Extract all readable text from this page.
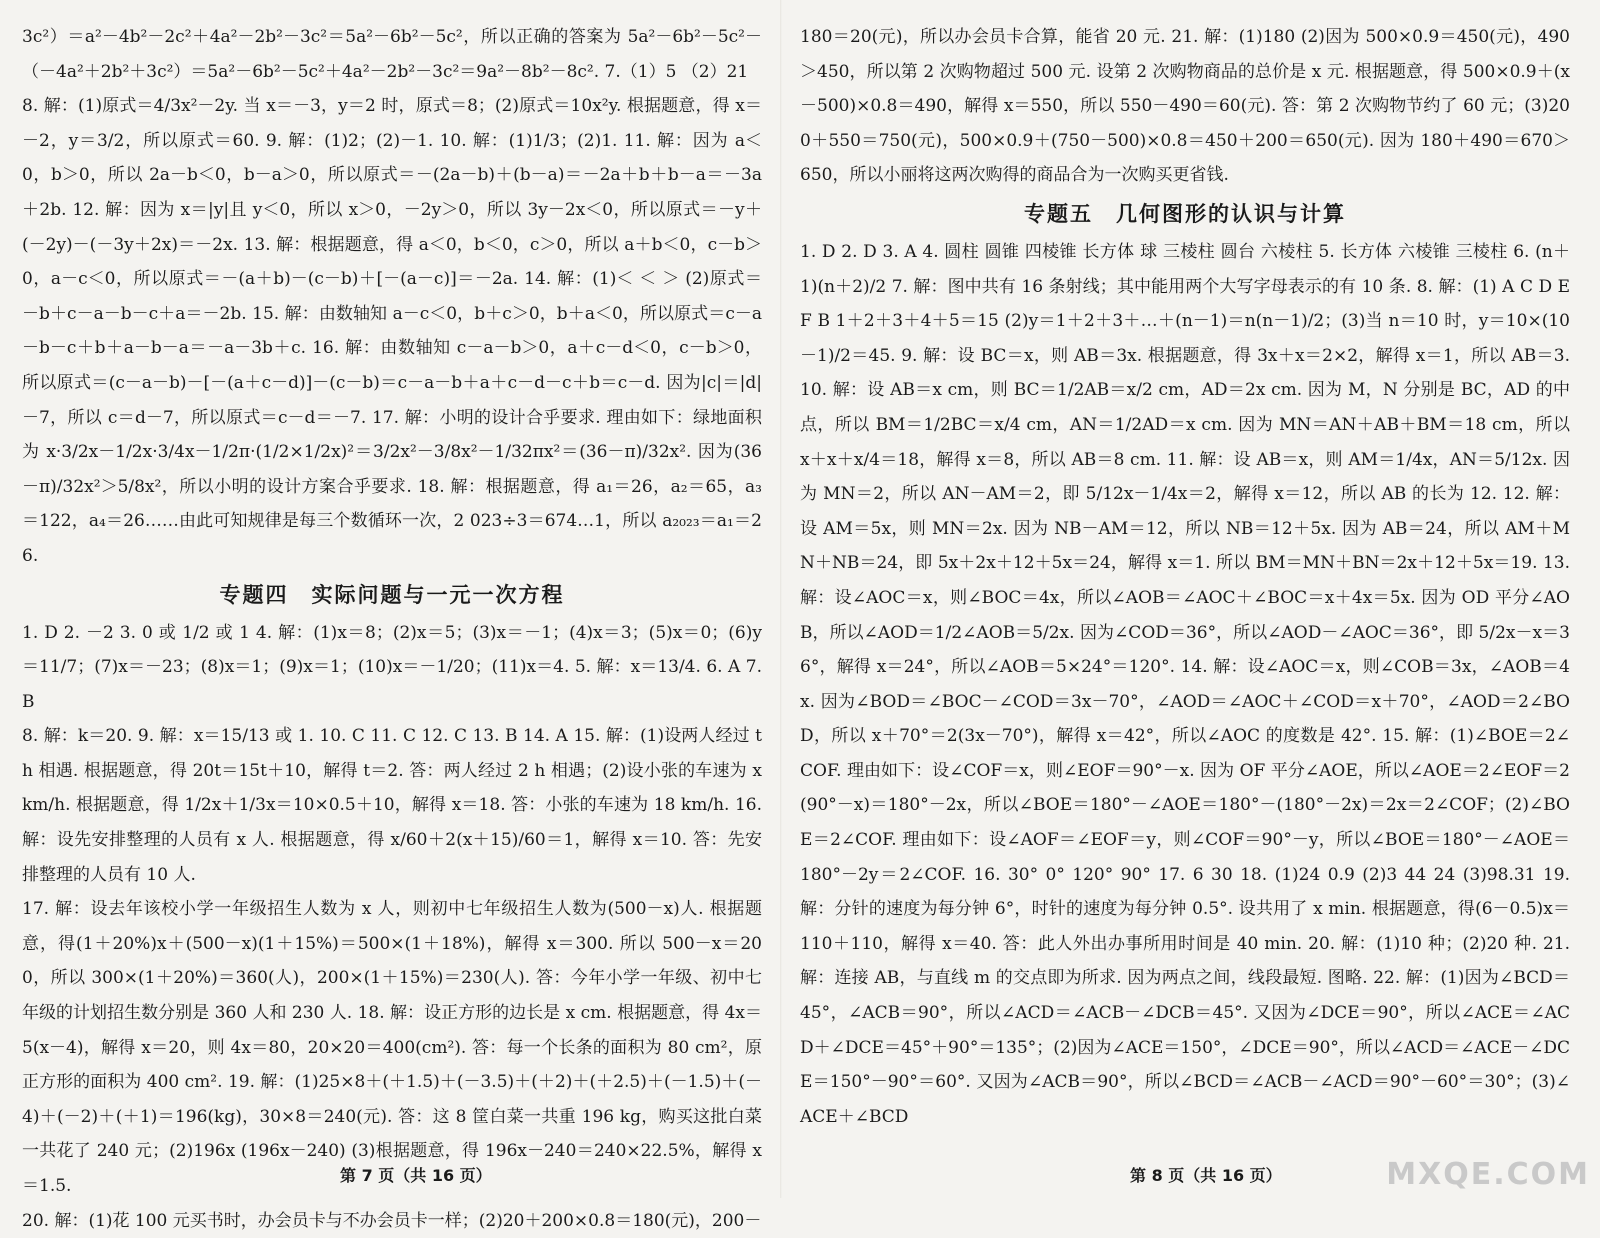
3c²）＝a²－4b²－2c²＋4a²－2b²－3c²＝5a²－6b²－5c²，所以正确的答案为 5a²－6b²－5c²－（－4a²＋2b²＋3c²）＝5a²－6b²－5c²＋4a²－2b²－3c²＝9a²－8b²－8c². 7.（1）5 （2）21

8. 解：(1)原式＝4/3x²－2y. 当 x＝－3，y＝2 时，原式＝8；(2)原式＝10x²y. 根据题意，得 x＝－2，y＝3/2，所以原式＝60. 9. 解：(1)2；(2)－1. 10. 解：(1)1/3；(2)1. 11. 解：因为 a＜0，b＞0，所以 2a－b＜0，b－a＞0，所以原式＝－(2a－b)＋(b－a)＝－2a＋b＋b－a＝－3a＋2b. 12. 解：因为 x＝|y|且 y＜0，所以 x＞0，－2y＞0，所以 3y－2x＜0，所以原式＝－y＋(－2y)－(－3y＋2x)＝－2x. 13. 解：根据题意，得 a＜0，b＜0，c＞0，所以 a＋b＜0，c－b＞0，a－c＜0，所以原式＝－(a＋b)－(c－b)＋[－(a－c)]＝－2a. 14. 解：(1)＜ ＜ ＞ (2)原式＝－b＋c－a－b－c＋a＝－2b. 15. 解：由数轴知 a－c＜0，b＋c＞0，b＋a＜0，所以原式＝c－a－b－c＋b＋a－b－a＝－a－3b＋c. 16. 解：由数轴知 c－a－b＞0，a＋c－d＜0，c－b＞0，所以原式＝(c－a－b)－[－(a＋c－d)]－(c－b)＝c－a－b＋a＋c－d－c＋b＝c－d. 因为|c|＝|d|－7，所以 c＝d－7，所以原式＝c－d＝－7. 17. 解：小明的设计合乎要求. 理由如下：绿地面积为 x·3/2x－1/2x·3/4x－1/2π·(1/2×1/2x)²＝3/2x²－3/8x²－1/32πx²＝(36－π)/32x². 因为(36－π)/32x²＞5/8x²，所以小明的设计方案合乎要求. 18. 解：根据题意，得 a₁＝26，a₂＝65，a₃＝122，a₄＝26……由此可知规律是每三个数循环一次，2 023÷3＝674…1，所以 a₂₀₂₃＝a₁＝26.

专题四　实际问题与一元一次方程

1. D 2. －2 3. 0 或 1/2 或 1 4. 解：(1)x＝8；(2)x＝5；(3)x＝－1；(4)x＝3；(5)x＝0；(6)y＝11/7；(7)x＝－23；(8)x＝1；(9)x＝1；(10)x＝－1/20；(11)x＝4. 5. 解：x＝13/4. 6. A 7. B

8. 解：k＝20. 9. 解：x＝15/13 或 1. 10. C 11. C 12. C 13. B 14. A 15. 解：(1)设两人经过 t h 相遇. 根据题意，得 20t＝15t＋10，解得 t＝2. 答：两人经过 2 h 相遇；(2)设小张的车速为 x km/h. 根据题意，得 1/2x＋1/3x＝10×0.5＋10，解得 x＝18. 答：小张的车速为 18 km/h. 16. 解：设先安排整理的人员有 x 人. 根据题意，得 x/60＋2(x＋15)/60＝1，解得 x＝10. 答：先安排整理的人员有 10 人.

17. 解：设去年该校小学一年级招生人数为 x 人，则初中七年级招生人数为(500－x)人. 根据题意，得(1＋20%)x＋(500－x)(1＋15%)＝500×(1＋18%)，解得 x＝300. 所以 500－x＝200，所以 300×(1＋20%)＝360(人)，200×(1＋15%)＝230(人). 答：今年小学一年级、初中七年级的计划招生数分别是 360 人和 230 人. 18. 解：设正方形的边长是 x cm. 根据题意，得 4x＝5(x－4)，解得 x＝20，则 4x＝80，20×20＝400(cm²). 答：每一个长条的面积为 80 cm²，原正方形的面积为 400 cm². 19. 解：(1)25×8＋(＋1.5)＋(－3.5)＋(＋2)＋(＋2.5)＋(－1.5)＋(－4)＋(－2)＋(＋1)＝196(kg)，30×8＝240(元). 答：这 8 筐白菜一共重 196 kg，购买这批白菜一共花了 240 元；(2)196x (196x－240) (3)根据题意，得 196x－240＝240×22.5%，解得 x＝1.5.

20. 解：(1)花 100 元买书时，办会员卡与不办会员卡一样；(2)20＋200×0.8＝180(元)，200－

180＝20(元)，所以办会员卡合算，能省 20 元. 21. 解：(1)180 (2)因为 500×0.9＝450(元)，490＞450，所以第 2 次购物超过 500 元. 设第 2 次购物商品的总价是 x 元. 根据题意，得 500×0.9＋(x－500)×0.8＝490，解得 x＝550，所以 550－490＝60(元). 答：第 2 次购物节约了 60 元；(3)200＋550＝750(元)，500×0.9＋(750－500)×0.8＝450＋200＝650(元). 因为 180＋490＝670＞650，所以小丽将这两次购得的商品合为一次购买更省钱.

专题五　几何图形的认识与计算

1. D 2. D 3. A 4. 圆柱 圆锥 四棱锥 长方体 球 三棱柱 圆台 六棱柱 5. 长方体 六棱锥 三棱柱 6. (n＋1)(n＋2)/2 7. 解：图中共有 16 条射线；其中能用两个大写字母表示的有 10 条. 8. 解：(1) A C D E F B 1＋2＋3＋4＋5＝15 (2)y＝1＋2＋3＋…＋(n－1)＝n(n－1)/2；(3)当 n＝10 时，y＝10×(10－1)/2＝45. 9. 解：设 BC＝x，则 AB＝3x. 根据题意，得 3x＋x＝2×2，解得 x＝1，所以 AB＝3. 10. 解：设 AB＝x cm，则 BC＝1/2AB＝x/2 cm，AD＝2x cm. 因为 M，N 分别是 BC，AD 的中点，所以 BM＝1/2BC＝x/4 cm，AN＝1/2AD＝x cm. 因为 MN＝AN＋AB＋BM＝18 cm，所以 x＋x＋x/4＝18，解得 x＝8，所以 AB＝8 cm. 11. 解：设 AB＝x，则 AM＝1/4x，AN＝5/12x. 因为 MN＝2，所以 AN－AM＝2，即 5/12x－1/4x＝2，解得 x＝12，所以 AB 的长为 12. 12. 解：设 AM＝5x，则 MN＝2x. 因为 NB－AM＝12，所以 NB＝12＋5x. 因为 AB＝24，所以 AM＋MN＋NB＝24，即 5x＋2x＋12＋5x＝24，解得 x＝1. 所以 BM＝MN＋BN＝2x＋12＋5x＝19. 13. 解：设∠AOC＝x，则∠BOC＝4x，所以∠AOB＝∠AOC＋∠BOC＝x＋4x＝5x. 因为 OD 平分∠AOB，所以∠AOD＝1/2∠AOB＝5/2x. 因为∠COD＝36°，所以∠AOD－∠AOC＝36°，即 5/2x－x＝36°，解得 x＝24°，所以∠AOB＝5×24°＝120°. 14. 解：设∠AOC＝x，则∠COB＝3x，∠AOB＝4x. 因为∠BOD＝∠BOC－∠COD＝3x－70°，∠AOD＝∠AOC＋∠COD＝x＋70°，∠AOD＝2∠BOD，所以 x＋70°＝2(3x－70°)，解得 x＝42°，所以∠AOC 的度数是 42°. 15. 解：(1)∠BOE＝2∠COF. 理由如下：设∠COF＝x，则∠EOF＝90°－x. 因为 OF 平分∠AOE，所以∠AOE＝2∠EOF＝2(90°－x)＝180°－2x，所以∠BOE＝180°－∠AOE＝180°－(180°－2x)＝2x＝2∠COF；(2)∠BOE＝2∠COF. 理由如下：设∠AOF＝∠EOF＝y，则∠COF＝90°－y，所以∠BOE＝180°－∠AOE＝180°－2y＝2∠COF. 16. 30° 0° 120° 90° 17. 6 30 18. (1)24 0.9 (2)3 44 24 (3)98.31 19. 解：分针的速度为每分钟 6°，时针的速度为每分钟 0.5°. 设共用了 x min. 根据题意，得(6－0.5)x＝110＋110，解得 x＝40. 答：此人外出办事所用时间是 40 min. 20. 解：(1)10 种；(2)20 种. 21. 解：连接 AB，与直线 m 的交点即为所求. 因为两点之间，线段最短. 图略. 22. 解：(1)因为∠BCD＝45°，∠ACB＝90°，所以∠ACD＝∠ACB－∠DCB＝45°. 又因为∠DCE＝90°，所以∠ACE＝∠ACD＋∠DCE＝45°＋90°＝135°；(2)因为∠ACE＝150°，∠DCE＝90°，所以∠ACD＝∠ACE－∠DCE＝150°－90°＝60°. 又因为∠ACB＝90°，所以∠BCD＝∠ACB－∠ACD＝90°－60°＝30°；(3)∠ACE＋∠BCD

第 7 页（共 16 页）	第 8 页（共 16 页）	MXQE.COM
